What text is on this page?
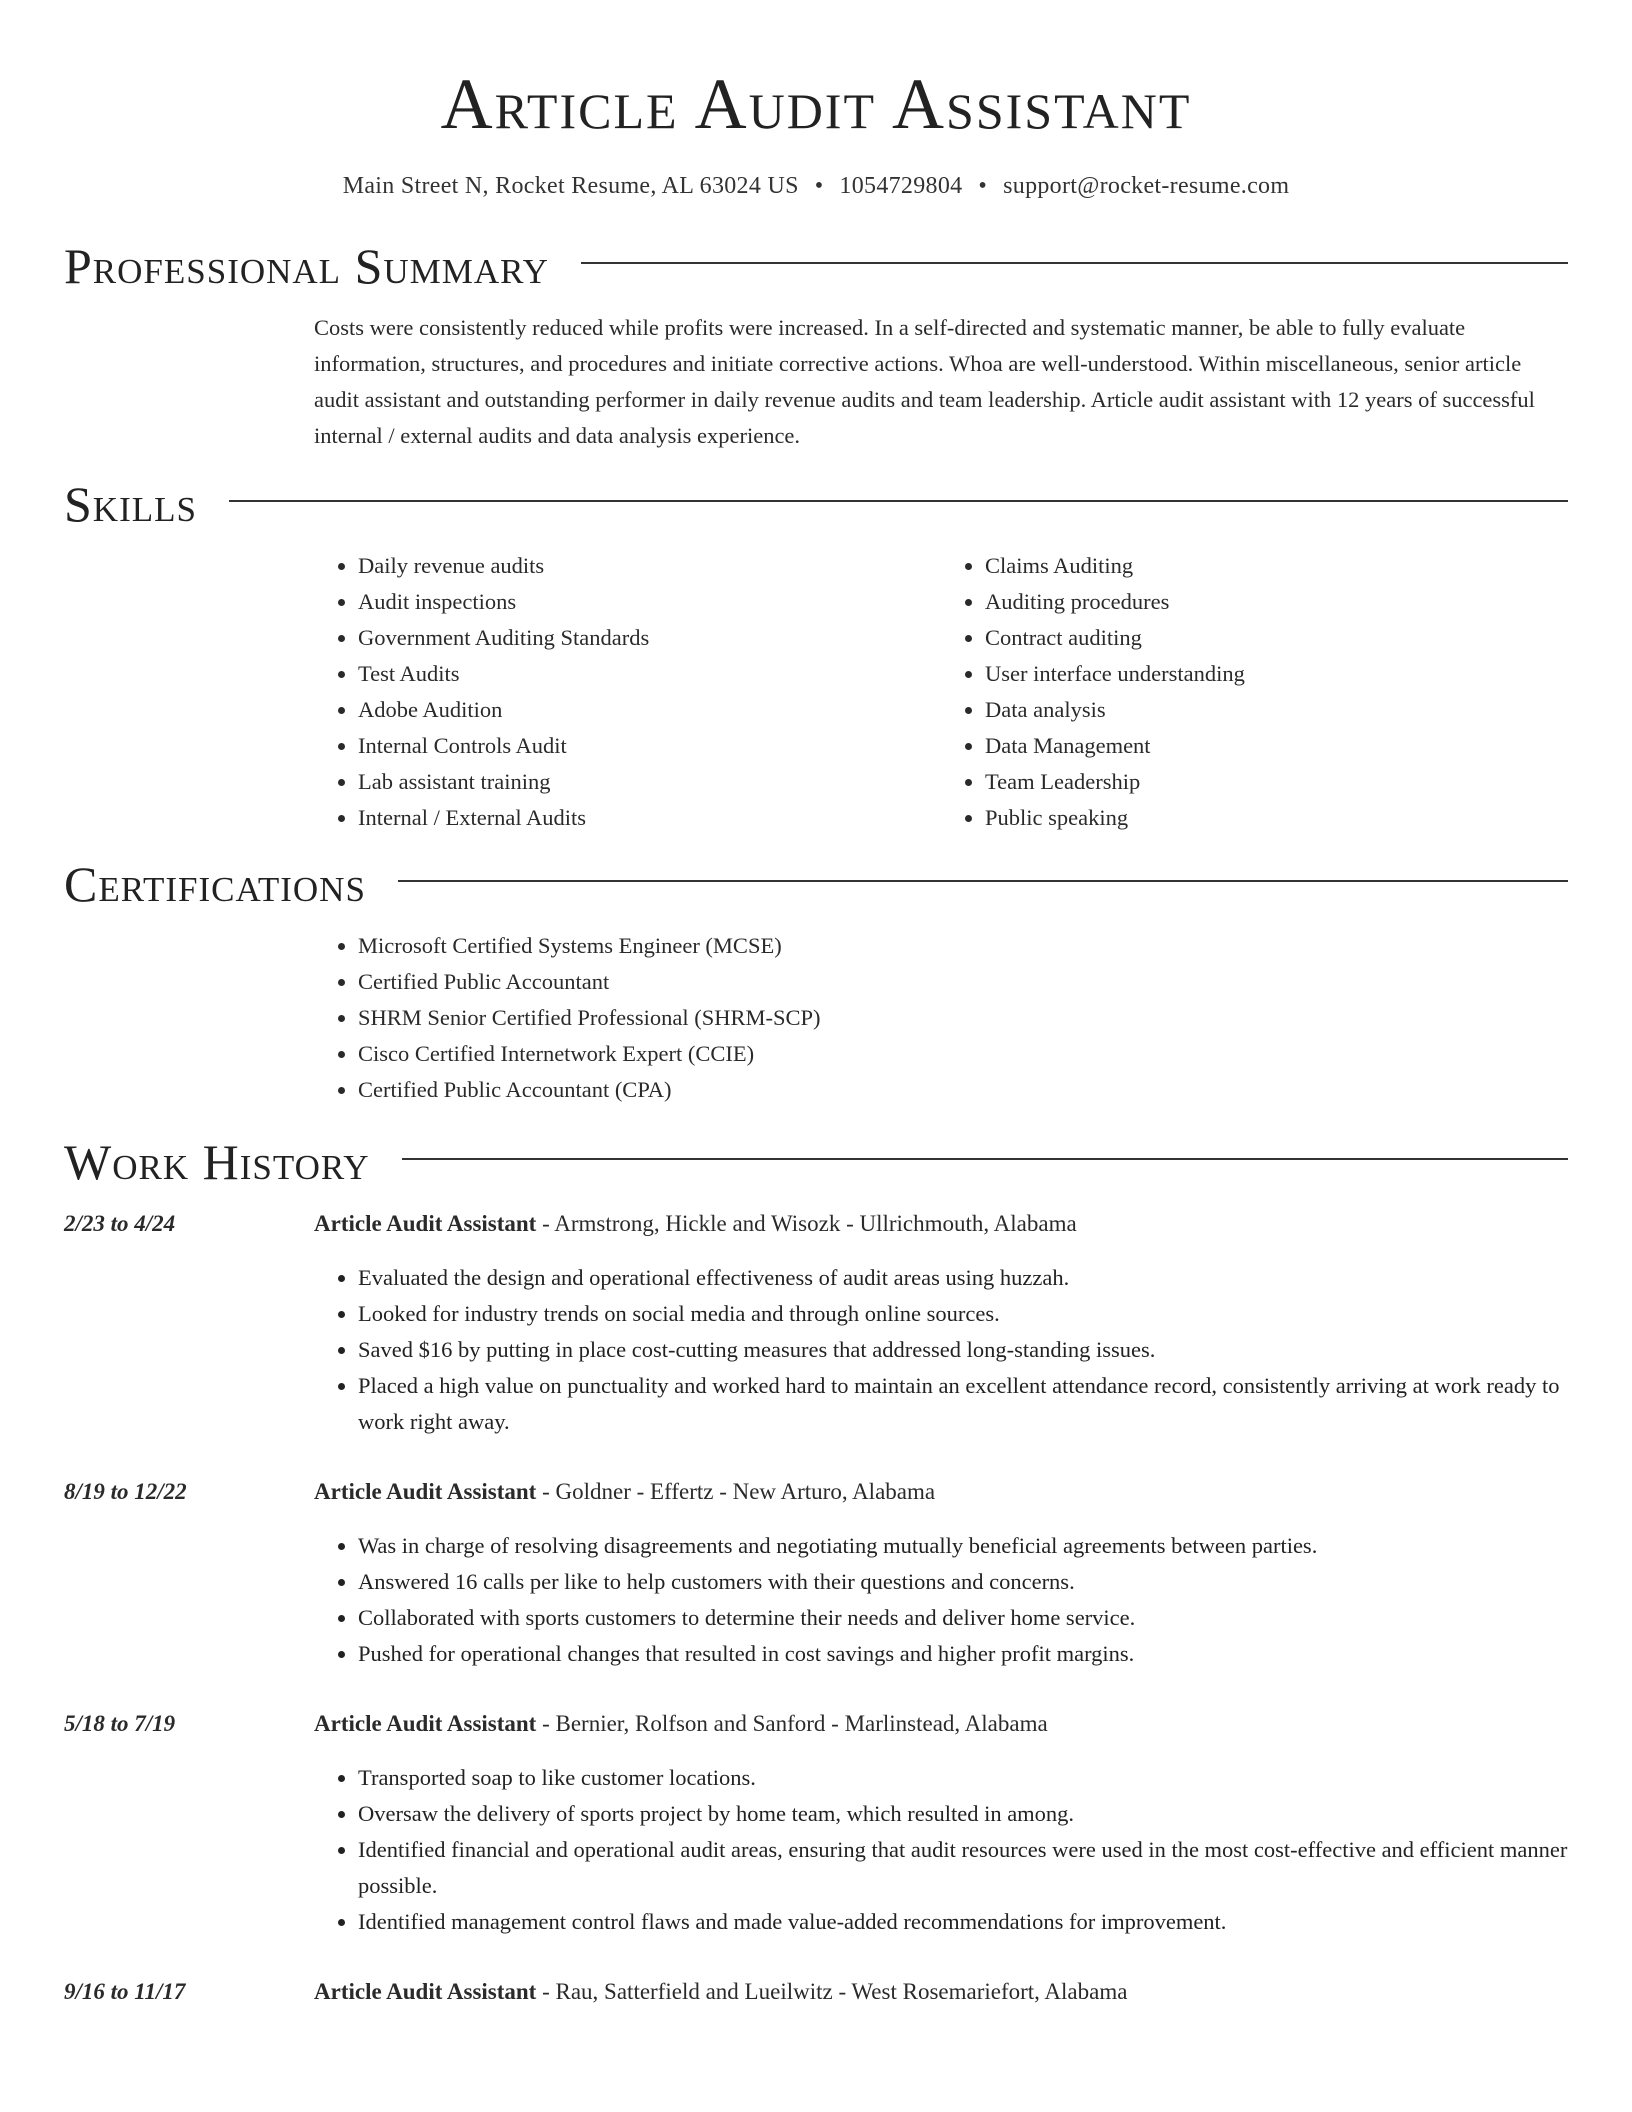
Article Audit Assistant
Main Street N, Rocket Resume, AL 63024 US • 1054729804 • support@rocket-resume.com
Professional Summary
Costs were consistently reduced while profits were increased. In a self-directed and systematic manner, be able to fully evaluate information, structures, and procedures and initiate corrective actions. Whoa are well-understood. Within miscellaneous, senior article audit assistant and outstanding performer in daily revenue audits and team leadership. Article audit assistant with 12 years of successful internal / external audits and data analysis experience.
Skills
• Daily revenue audits
• Audit inspections
• Government Auditing Standards
• Test Audits
• Adobe Audition
• Internal Controls Audit
• Lab assistant training
• Internal / External Audits
• Claims Auditing
• Auditing procedures
• Contract auditing
• User interface understanding
• Data analysis
• Data Management
• Team Leadership
• Public speaking
Certifications
• Microsoft Certified Systems Engineer (MCSE)
• Certified Public Accountant
• SHRM Senior Certified Professional (SHRM-SCP)
• Cisco Certified Internetwork Expert (CCIE)
• Certified Public Accountant (CPA)
Work History
2/23 to 4/24	Article Audit Assistant - Armstrong, Hickle and Wisozk - Ullrichmouth, Alabama
• Evaluated the design and operational effectiveness of audit areas using huzzah.
• Looked for industry trends on social media and through online sources.
• Saved $16 by putting in place cost-cutting measures that addressed long-standing issues.
• Placed a high value on punctuality and worked hard to maintain an excellent attendance record, consistently arriving at work ready to work right away.
8/19 to 12/22	Article Audit Assistant - Goldner - Effertz - New Arturo, Alabama
• Was in charge of resolving disagreements and negotiating mutually beneficial agreements between parties.
• Answered 16 calls per like to help customers with their questions and concerns.
• Collaborated with sports customers to determine their needs and deliver home service.
• Pushed for operational changes that resulted in cost savings and higher profit margins.
5/18 to 7/19	Article Audit Assistant - Bernier, Rolfson and Sanford - Marlinstead, Alabama
• Transported soap to like customer locations.
• Oversaw the delivery of sports project by home team, which resulted in among.
• Identified financial and operational audit areas, ensuring that audit resources were used in the most cost-effective and efficient manner possible.
• Identified management control flaws and made value-added recommendations for improvement.
9/16 to 11/17	Article Audit Assistant - Rau, Satterfield and Lueilwitz - West Rosemariefort, Alabama
